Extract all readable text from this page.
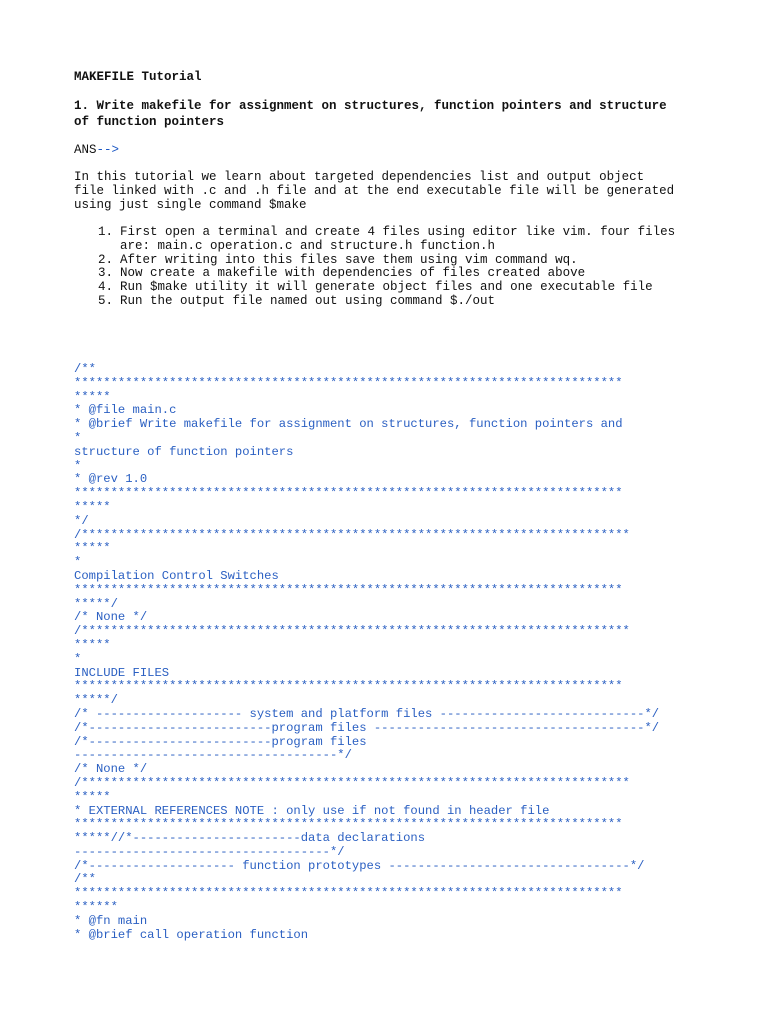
MAKEFILE Tutorial
1. Write makefile for assignment on structures, function pointers and structure
of function pointers
ANS-->
In this tutorial we learn about targeted dependencies list and output object
file linked with .c and .h file and at the end executable file will be generated
using just single command $make
1. First open a terminal and create 4 files using editor like vim. four files
are: main.c operation.c and structure.h function.h
2. After writing into this files save them using vim command wq.
3. Now create a makefile with dependencies of files created above
4. Run $make utility it will generate object files and one executable file
5. Run the output file named out using command $./out
/**
***************************************************************************
*****
* @file main.c
* @brief Write makefile for assignment on structures, function pointers and
*
structure of function pointers
*
* @rev 1.0
***************************************************************************
*****
*/
/***************************************************************************
*****
*
Compilation Control Switches
***************************************************************************
*****/
/* None */
/***************************************************************************
*****
*
INCLUDE FILES
***************************************************************************
*****/
/* -------------------- system and platform files ----------------------------*/
/*-------------------------program files -------------------------------------*/
/*-------------------------program files
------------------------------------*/
/* None */
/***************************************************************************
*****
* EXTERNAL REFERENCES NOTE : only use if not found in header file
***************************************************************************
*****//*-----------------------data declarations
-----------------------------------*/
/*-------------------- function prototypes ---------------------------------*/
/**
***************************************************************************
******
* @fn main
* @brief call operation function
